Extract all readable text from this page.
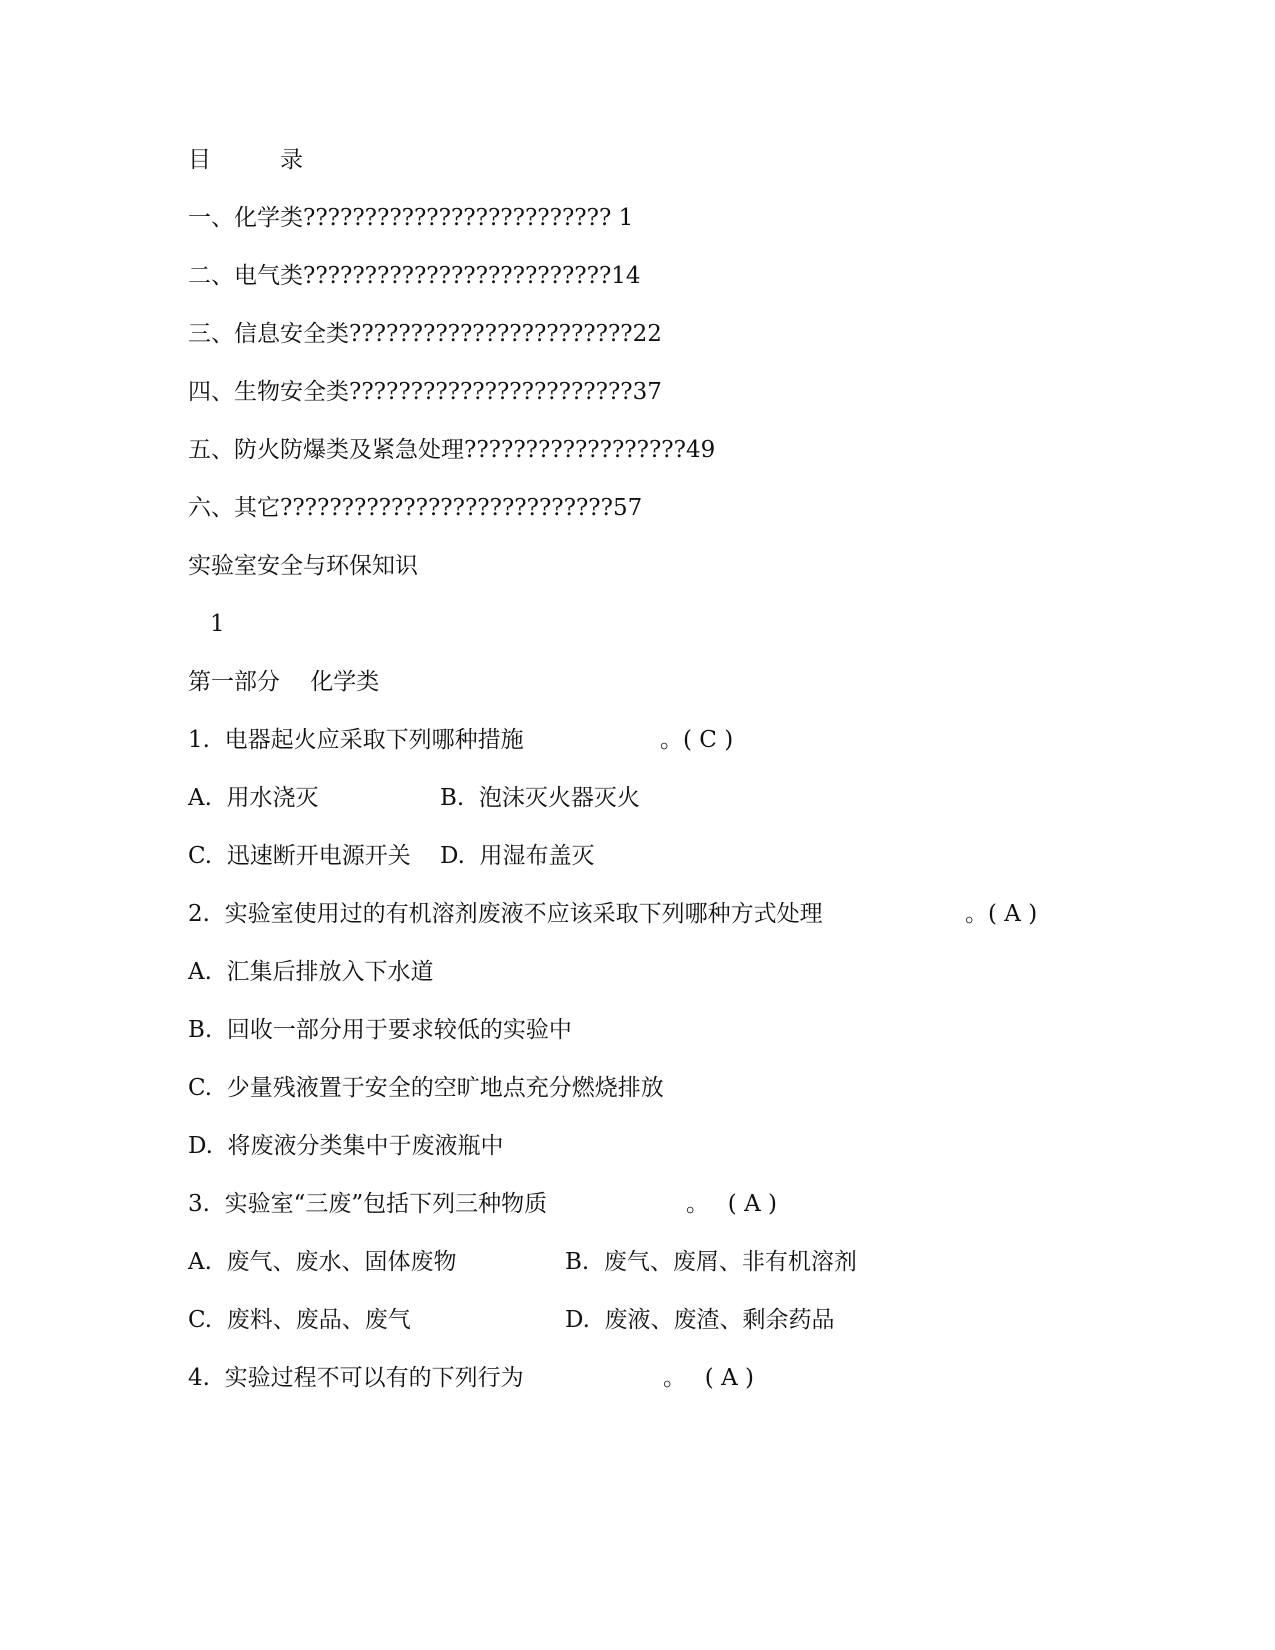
目　　　录
一、化学类????????????????????????? 1
二、电气类?????????????????????????14
三、信息安全类???????????????????????22
四、生物安全类???????????????????????37
五、防火防爆类及紧急处理??????????????????49
六、其它???????????????????????????57
实验室安全与环保知识
1
第一部分　 化学类
1.  电器起火应采取下列哪种措施	。( C )
A.  用水浇灭	B.  泡沫灭火器灭火
C.  迅速断开电源开关 D.  用湿布盖灭
2.  实验室使用过的有机溶剂废液不应该采取下列哪种方式处理	。( A )
A.  汇集后排放入下水道
B.  回收一部分用于要求较低的实验中
C.  少量残液置于安全的空旷地点充分燃烧排放
D.  将废液分类集中于废液瓶中
3.  实验室“三废”包括下列三种物质	。　 ( A )
A.  废气、废水、固体废物	B.  废气、废屑、非有机溶剂
C.  废料、废品、废气	D.  废液、废渣、剩余药品
4.  实验过程不可以有的下列行为	。　 ( A )
